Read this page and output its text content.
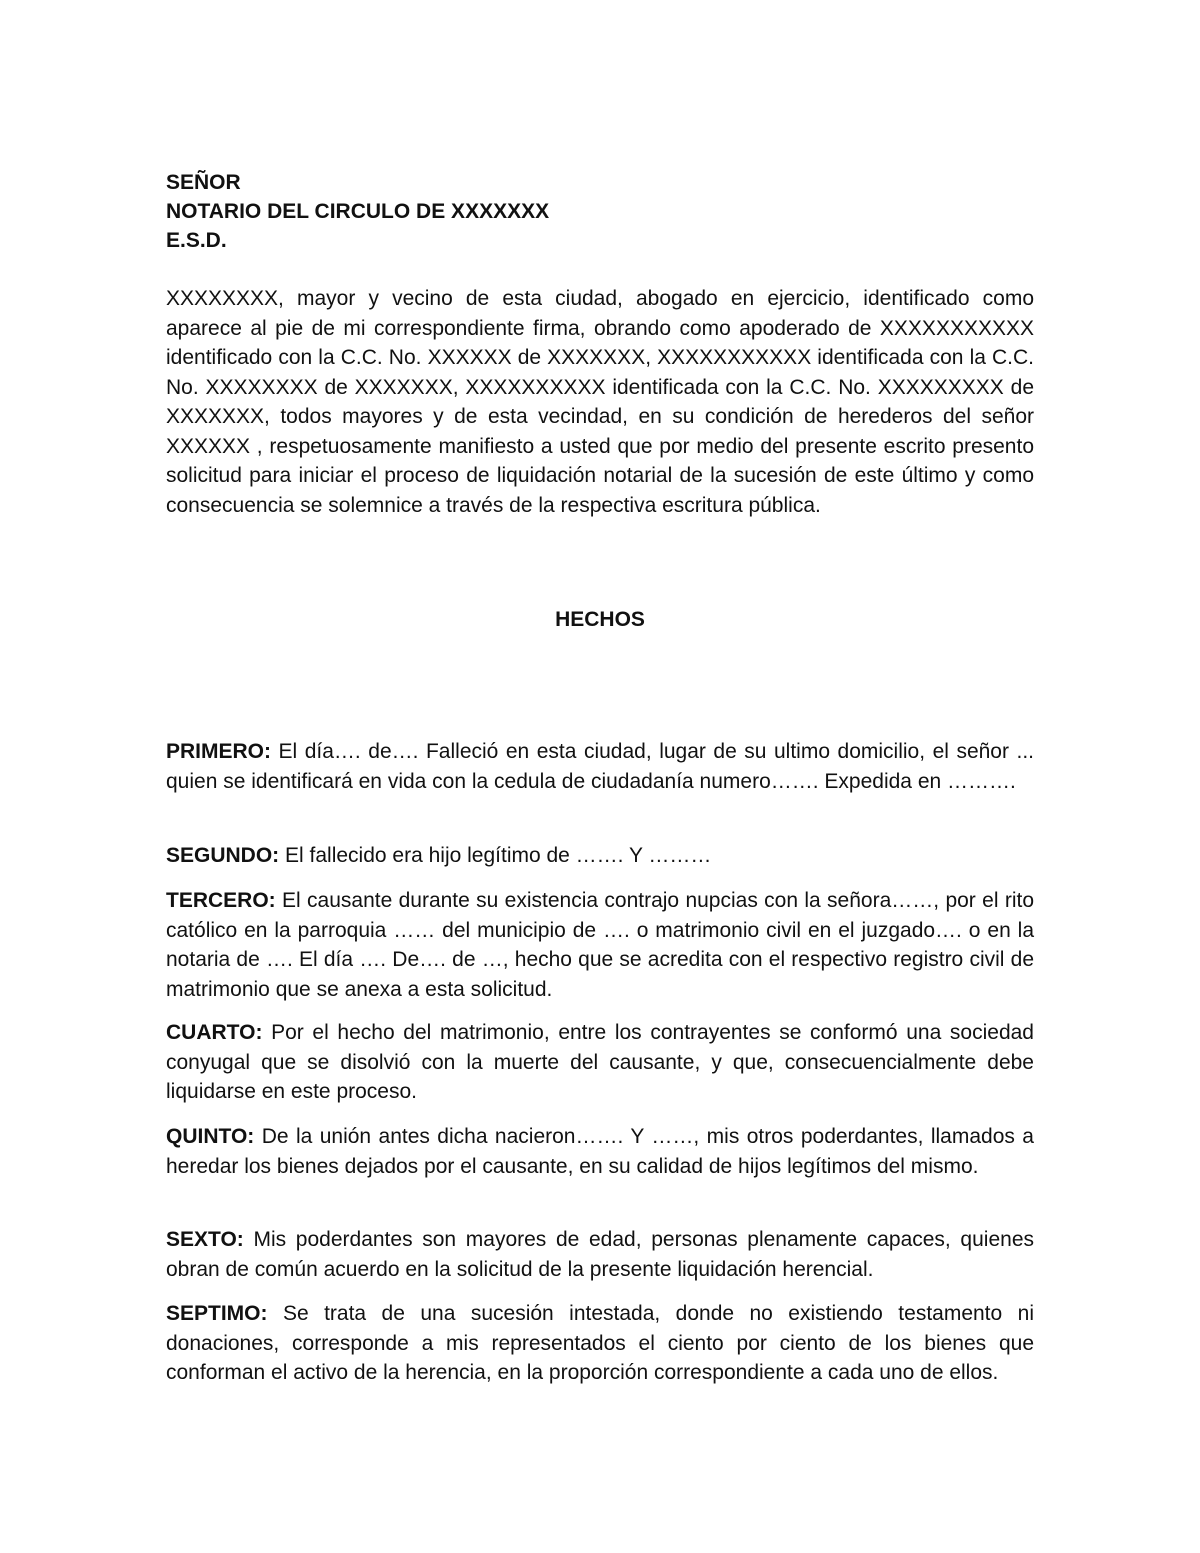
SEÑOR
NOTARIO DEL CIRCULO DE XXXXXXX
E.S.D.

XXXXXXXX, mayor y vecino de esta ciudad, abogado en ejercicio, identificado como aparece al pie de mi correspondiente firma, obrando como apoderado de XXXXXXXXXXX identificado con la C.C. No. XXXXXX de XXXXXXX, XXXXXXXXXXX identificada con la C.C. No. XXXXXXXX de XXXXXXX, XXXXXXXXXX identificada con la C.C. No. XXXXXXXXX de XXXXXXX, todos mayores y de esta vecindad, en su condición de herederos del señor XXXXXX , respetuosamente manifiesto a usted que por medio del presente escrito presento solicitud para iniciar el proceso de liquidación notarial de la sucesión de este último y como consecuencia se solemnice a través de la respectiva escritura pública.

HECHOS

PRIMERO: El día…. de…. Falleció en esta ciudad, lugar de su ultimo domicilio, el señor ... quien se identificará en vida con la cedula de ciudadanía numero……. Expedida en ……….

SEGUNDO: El fallecido era hijo legítimo de ……. Y ………

TERCERO: El causante durante su existencia contrajo nupcias con la señora……, por el rito católico en la parroquia …… del municipio de …. o matrimonio civil en el juzgado…. o en la notaria de …. El día …. De…. de …, hecho que se acredita con el respectivo registro civil de matrimonio que se anexa a esta solicitud.

CUARTO: Por el hecho del matrimonio, entre los contrayentes se conformó una sociedad conyugal que se disolvió con la muerte del causante, y que, consecuencialmente debe liquidarse en este proceso.

QUINTO: De la unión antes dicha nacieron……. Y ……, mis otros poderdantes, llamados a heredar los bienes dejados por el causante, en su calidad de hijos legítimos del mismo.

SEXTO: Mis poderdantes son mayores de edad, personas plenamente capaces, quienes obran de común acuerdo en la solicitud de la presente liquidación herencial.

SEPTIMO: Se trata de una sucesión intestada, donde no existiendo testamento ni donaciones, corresponde a mis representados el ciento por ciento de los bienes que conforman el activo de la herencia, en la proporción correspondiente a cada uno de ellos.
